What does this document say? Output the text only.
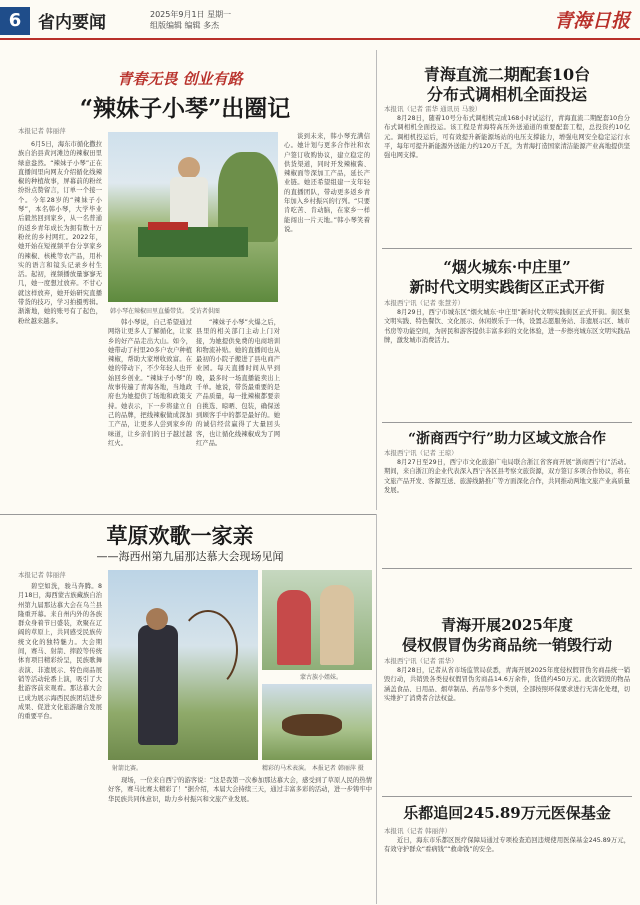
6 省内要闻	2025年9月1日 星期一
组版编辑 编辑 多杰	青海日报
青春无畏 创业有路
“辣妹子小琴”出圈记
本报记者 韩丽萍
6月5日，海东市循化撒拉族自治县黄河滩边的辣椒田里绿意盎然。“辣妹子小琴”正在直播间里向网友介绍循化线辣椒的种植故事，屏幕前的粉丝纷纷点赞留言，订单一个接一个。今年28岁的“辣妹子小琴”，本名韩小琴，大学毕业后毅然回到家乡，从一名普通的返乡青年成长为拥有数十万粉丝的乡村网红。2022年，她开始在短视频平台分享家乡的辣椒、核桃等农产品，用朴实的语言和镜头记录乡村生活。起初，视频播放量寥寥无几，她一度想过放弃。不甘心就这样放弃，她开始研究直播带货的技巧，学习拍摄剪辑。渐渐地，她的账号有了起色，粉丝越来越多。
韩小琴在辣椒田里直播带货。 受访者供图
韩小琴说，自己希望通过网络让更多人了解循化，让家乡的好产品走出大山。如今，她带动了村里20多户农户种植辣椒，帮助大家增收致富。在她的带动下，不少年轻人也开始回乡创业。“辣妹子小琴”的故事传遍了青海各地，当地政府也为她提供了场地和政策支持。她表示，下一步将建立自己的品牌，把线辣椒做成深加工产品，让更多人尝到家乡的味道，让乡亲们的日子越过越红火。
“辣妹子小琴”火爆之后，县里的相关部门主动上门对接，为她提供免费的电商培训和物流补贴。她的直播间也从最初的小院子搬进了县电商产业园。每天直播时间从早到晚，最多时一场直播能卖出上千单。她说，带货最重要的是产品质量，每一批辣椒都要亲自挑选、晾晒、包装，确保送到顾客手中的都是最好的。她的诚信经营赢得了大量回头客，也让循化线辣椒成为了网红产品。
谈到未来，韩小琴充满信心。她计划与更多合作社和农户签订收购协议，建立稳定的供货渠道，同时开发辣椒酱、辣椒面等深加工产品，延长产业链。她还希望组建一支年轻的直播团队，带动更多返乡青年加入乡村振兴的行列。“只要肯吃苦、肯动脑，在家乡一样能闯出一片天地。”韩小琴笑着说。
青海直流二期配套10台
分布式调相机全面投运
本报讯（记者 雷华 通讯员 马骏）
8月28日，随着10号分布式调相机完成168小时试运行，青海直流二期配套10台分布式调相机全面投运。该工程是青海特高压外送通道的重要配套工程，总投资约10亿元。调相机投运后，可有效提升新能源场站的电压支撑能力，增强电网安全稳定运行水平，每年可提升新能源外送能力约120万千瓦，为青海打造国家清洁能源产业高地提供坚强电网支撑。
“烟火城东·中庄里”
新时代文明实践街区正式开街
本报西宁讯（记者 张慧芳）
8月29日，西宁市城东区“烟火城东·中庄里”新时代文明实践街区正式开街。街区集文明实践、特色餐饮、文化展示、休闲娱乐于一体，设置志愿服务站、非遗展示区、城市书房等功能空间，为居民和游客提供丰富多彩的文化体验，进一步擦亮城东区文明实践品牌，激发城市消费活力。
“浙商西宁行”助力区域文旅合作
本报西宁讯（记者 王琼）
8月27日至29日，西宁市文化旅游广电局联合浙江省客商开展“浙商西宁行”活动。期间，来自浙江的企业代表深入西宁各区县考察文旅资源，双方签订多项合作协议，将在文旅产品开发、客源互送、旅游线路推广等方面深化合作，共同推动两地文旅产业高质量发展。
草原欢歌一家亲
——海西州第九届那达慕大会现场见闻
本报记者 韩丽萍
碧空如洗，骏马奔腾。8月18日，海西蒙古族藏族自治州第九届那达慕大会在乌兰县隆重开幕。来自州内外的各族群众身着节日盛装，欢聚在辽阔的草原上，共同感受民族传统文化的独特魅力。大会期间，赛马、射箭、摔跤等传统体育项目精彩纷呈，民族歌舞表演、非遗展示、特色商品展销等活动轮番上演，吸引了大批游客前来观看。那达慕大会已成为展示海西民族团结进步成果、促进文化旅游融合发展的重要平台。
射箭比赛。
蒙古族小姐妹。
精彩的马术表演。 本报记者 韩丽萍 摄
现场，一位来自西宁的游客说：“这是我第一次参加那达慕大会，感受到了草原人民的热情好客，赛马比赛太精彩了！”据介绍，本届大会持续三天，通过丰富多彩的活动，进一步铸牢中华民族共同体意识，助力乡村振兴和文旅产业发展。
青海开展2025年度
侵权假冒伪劣商品统一销毁行动
本报西宁讯（记者 雷华）
8月28日，记者从省市场监管局获悉，青海开展2025年度侵权假冒伪劣商品统一销毁行动，共销毁各类侵权假冒伪劣商品14.6万余件，货值约450万元。此次销毁的物品涵盖食品、日用品、烟草制品、药品等多个类别，全部按照环保要求进行无害化处理，切实维护了消费者合法权益。
乐都追回245.89万元医保基金
本报讯（记者 韩丽萍）
近日，海东市乐都区医疗保障局通过专项检查追回违规使用医保基金245.89万元，有效守护群众“看病钱”“救命钱”的安全。
